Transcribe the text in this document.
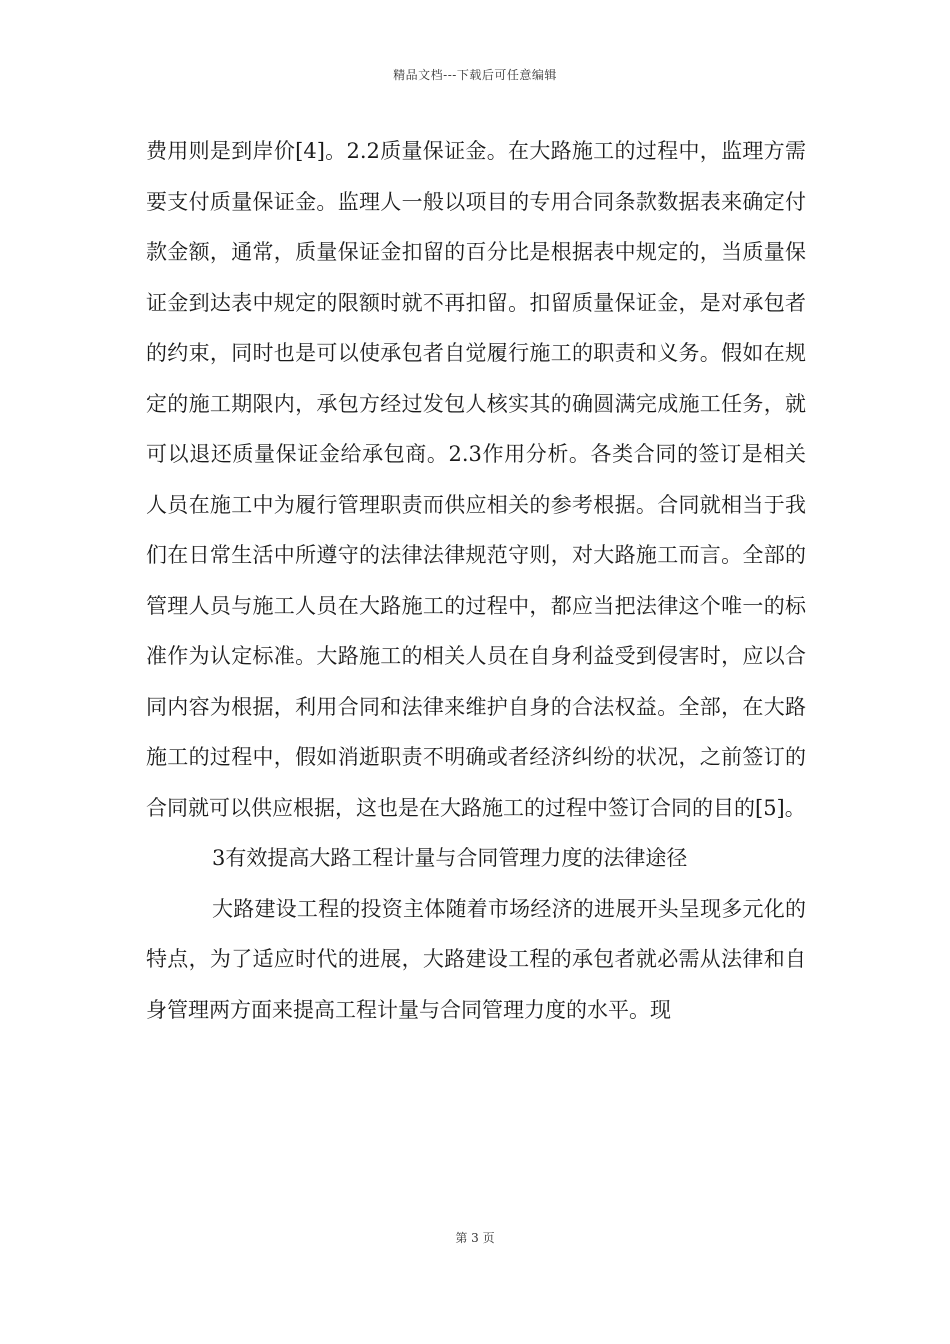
精品文档---下载后可任意编辑

费用则是到岸价[4]。2.2质量保证金。在大路施工的过程中，监理方需要支付质量保证金。监理人一般以项目的专用合同条款数据表来确定付款金额，通常，质量保证金扣留的百分比是根据表中规定的，当质量保证金到达表中规定的限额时就不再扣留。扣留质量保证金，是对承包者的约束，同时也是可以使承包者自觉履行施工的职责和义务。假如在规定的施工期限内，承包方经过发包人核实其的确圆满完成施工任务，就可以退还质量保证金给承包商。2.3作用分析。各类合同的签订是相关人员在施工中为履行管理职责而供应相关的参考根据。合同就相当于我们在日常生活中所遵守的法律法律规范守则，对大路施工而言。全部的管理人员与施工人员在大路施工的过程中，都应当把法律这个唯一的标准作为认定标准。大路施工的相关人员在自身利益受到侵害时，应以合同内容为根据，利用合同和法律来维护自身的合法权益。全部，在大路施工的过程中，假如消逝职责不明确或者经济纠纷的状况，之前签订的合同就可以供应根据，这也是在大路施工的过程中签订合同的目的[5]。

3有效提高大路工程计量与合同管理力度的法律途径

大路建设工程的投资主体随着市场经济的进展开头呈现多元化的特点，为了适应时代的进展，大路建设工程的承包者就必需从法律和自身管理两方面来提高工程计量与合同管理力度的水平。现

第 3 页
